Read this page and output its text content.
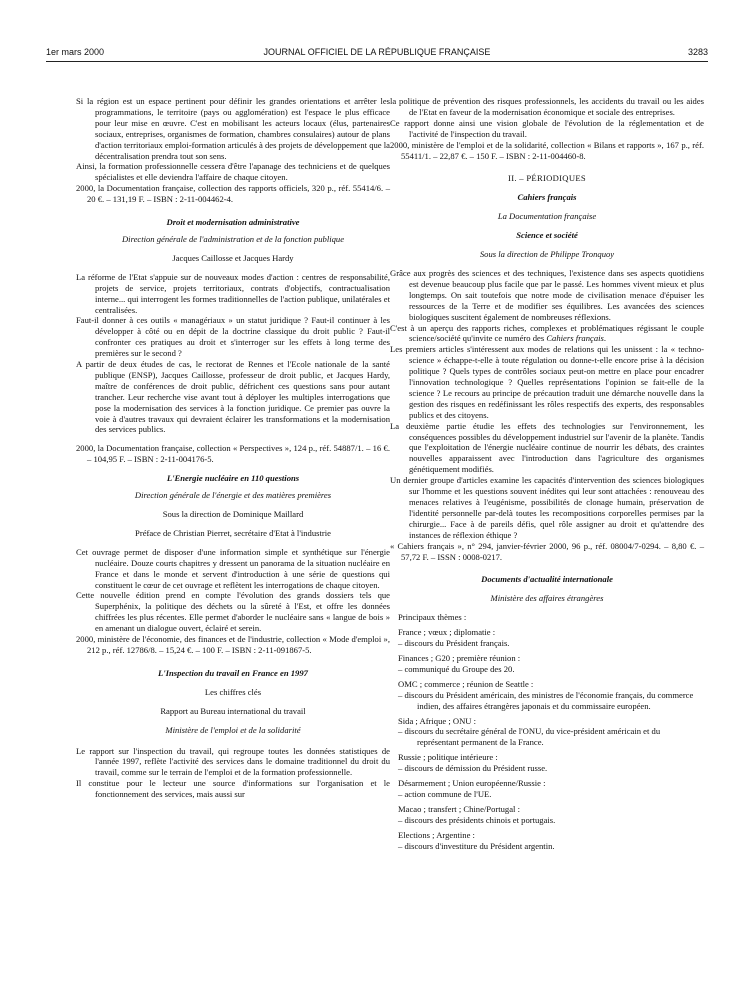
1er mars 2000	JOURNAL OFFICIEL DE LA RÉPUBLIQUE FRANÇAISE	3283

Si la région est un espace pertinent pour définir les grandes orientations et arrêter les programmations, le territoire (pays ou agglomération) est l'espace le plus efficace pour leur mise en œuvre. C'est en mobilisant les acteurs locaux (élus, partenaires sociaux, entreprises, organismes de formation, chambres consulaires) autour de plans d'action territoriaux emploi-formation articulés à des projets de développement que la décentralisation prendra tout son sens.

Ainsi, la formation professionnelle cessera d'être l'apanage des techniciens et de quelques spécialistes et elle deviendra l'affaire de chaque citoyen.

2000, la Documentation française, collection des rapports officiels, 320 p., réf. 55414/6. – 20 €. – 131,19 F. – ISBN : 2-11-004462-4.

Droit et modernisation administrative

Direction générale de l'administration et de la fonction publique

Jacques Caillosse et Jacques Hardy

La réforme de l'Etat s'appuie sur de nouveaux modes d'action : centres de responsabilité, projets de service, projets territoriaux, contrats d'objectifs, contractualisation interne... qui interrogent les formes traditionnelles de l'action publique, unilatérales et centralisées.

Faut-il donner à ces outils « managériaux » un statut juridique ? Faut-il continuer à les développer à côté ou en dépit de la doctrine classique du droit public ? Faut-il confronter ces pratiques au droit et s'interroger sur les effets à long terme des premières sur le second ?

A partir de deux études de cas, le rectorat de Rennes et l'Ecole nationale de la santé publique (ENSP), Jacques Caillosse, professeur de droit public, et Jacques Hardy, maître de conférences de droit public, défrichent ces questions sans pour autant trancher. Leur recherche vise avant tout à déployer les multiples interrogations que pose la modernisation des services à la fonction juridique. Ce premier pas ouvre la voie à d'autres travaux qui devraient éclairer les transformations et la modernisation des services publics.

2000, la Documentation française, collection « Perspectives », 124 p., réf. 54887/1. – 16 €. – 104,95 F. – ISBN : 2-11-004176-5.

L'Energie nucléaire en 110 questions

Direction générale de l'énergie et des matières premières

Sous la direction de Dominique Maillard

Préface de Christian Pierret, secrétaire d'Etat à l'industrie

Cet ouvrage permet de disposer d'une information simple et synthétique sur l'énergie nucléaire. Douze courts chapitres y dressent un panorama de la situation nucléaire en France et dans le monde et servent d'introduction à une série de questions qui constituent le cœur de cet ouvrage et reflètent les interrogations de chaque citoyen.

Cette nouvelle édition prend en compte l'évolution des grands dossiers tels que Superphénix, la politique des déchets ou la sûreté à l'Est, et offre les données chiffrées les plus récentes. Elle permet d'aborder le nucléaire sans « langue de bois » en amenant un dialogue ouvert, éclairé et serein.

2000, ministère de l'économie, des finances et de l'industrie, collection « Mode d'emploi », 212 p., réf. 12786/8. – 15,24 €. – 100 F. – ISBN : 2-11-091867-5.

L'Inspection du travail en France en 1997

Les chiffres clés

Rapport au Bureau international du travail

Ministère de l'emploi et de la solidarité

Le rapport sur l'inspection du travail, qui regroupe toutes les données statistiques de l'année 1997, reflète l'activité des services dans le domaine traditionnel du droit du travail, comme sur le terrain de l'emploi et de la formation professionnelle.

Il constitue pour le lecteur une source d'informations sur l'organisation et le fonctionnement des services, mais aussi sur

la politique de prévention des risques professionnels, les accidents du travail ou les aides de l'Etat en faveur de la modernisation économique et sociale des entreprises.

Ce rapport donne ainsi une vision globale de l'évolution de la réglementation et de l'activité de l'inspection du travail.

2000, ministère de l'emploi et de la solidarité, collection « Bilans et rapports », 167 p., réf. 55411/1. – 22,87 €. – 150 F. – ISBN : 2-11-004460-8.

II. – PÉRIODIQUES

Cahiers français

La Documentation française

Science et société

Sous la direction de Philippe Tronquoy

Grâce aux progrès des sciences et des techniques, l'existence dans ses aspects quotidiens est devenue beaucoup plus facile que par le passé. Les hommes vivent mieux et plus longtemps. On sait toutefois que notre mode de civilisation menace d'épuiser les ressources de la Terre et de modifier ses équilibres. Les avancées des sciences biologiques suscitent également de nombreuses réflexions.

C'est à un aperçu des rapports riches, complexes et problématiques régissant le couple science/société qu'invite ce numéro des Cahiers français.

Les premiers articles s'intéressent aux modes de relations qui les unissent : la « techno-science » échappe-t-elle à toute régulation ou donne-t-elle encore prise à la décision politique ? Quels types de contrôles sociaux peut-on mettre en place pour encadrer l'innovation technologique ? Quelles représentations l'opinion se fait-elle de la science ? Le recours au principe de précaution traduit une démarche nouvelle dans la gestion des risques en redéfinissant les rôles respectifs des experts, des responsables publics et des citoyens.

La deuxième partie étudie les effets des technologies sur l'environnement, les conséquences possibles du développement industriel sur l'avenir de la planète. Tandis que l'exploitation de l'énergie nucléaire continue de nourrir les débats, des craintes nouvelles apparaissent avec l'introduction dans l'agriculture des organismes génétiquement modifiés.

Un dernier groupe d'articles examine les capacités d'intervention des sciences biologiques sur l'homme et les questions souvent inédites qui leur sont attachées : renouveau des menaces relatives à l'eugénisme, possibilités de clonage humain, préservation de l'identité personnelle par-delà toutes les recompositions corporelles permises par la chirurgie... Face à de pareils défis, quel rôle assigner au droit et qu'attendre des instances de réflexion éthique ?

« Cahiers français », n° 294, janvier-février 2000, 96 p., réf. 08004/7-0294. – 8,80 €. – 57,72 F. – ISSN : 0008-0217.

Documents d'actualité internationale

Ministère des affaires étrangères

Principaux thèmes :

France ; vœux ; diplomatie :

– discours du Président français.

Finances ; G20 ; première réunion :

– communiqué du Groupe des 20.

OMC ; commerce ; réunion de Seattle :

– discours du Président américain, des ministres de l'économie français, du commerce indien, des affaires étrangères japonais et du commissaire européen.

Sida ; Afrique ; ONU :

– discours du secrétaire général de l'ONU, du vice-président américain et du représentant permanent de la France.

Russie ; politique intérieure :

– discours de démission du Président russe.

Désarmement ; Union européenne/Russie :

– action commune de l'UE.

Macao ; transfert ; Chine/Portugal :

– discours des présidents chinois et portugais.

Elections ; Argentine :

– discours d'investiture du Président argentin.
